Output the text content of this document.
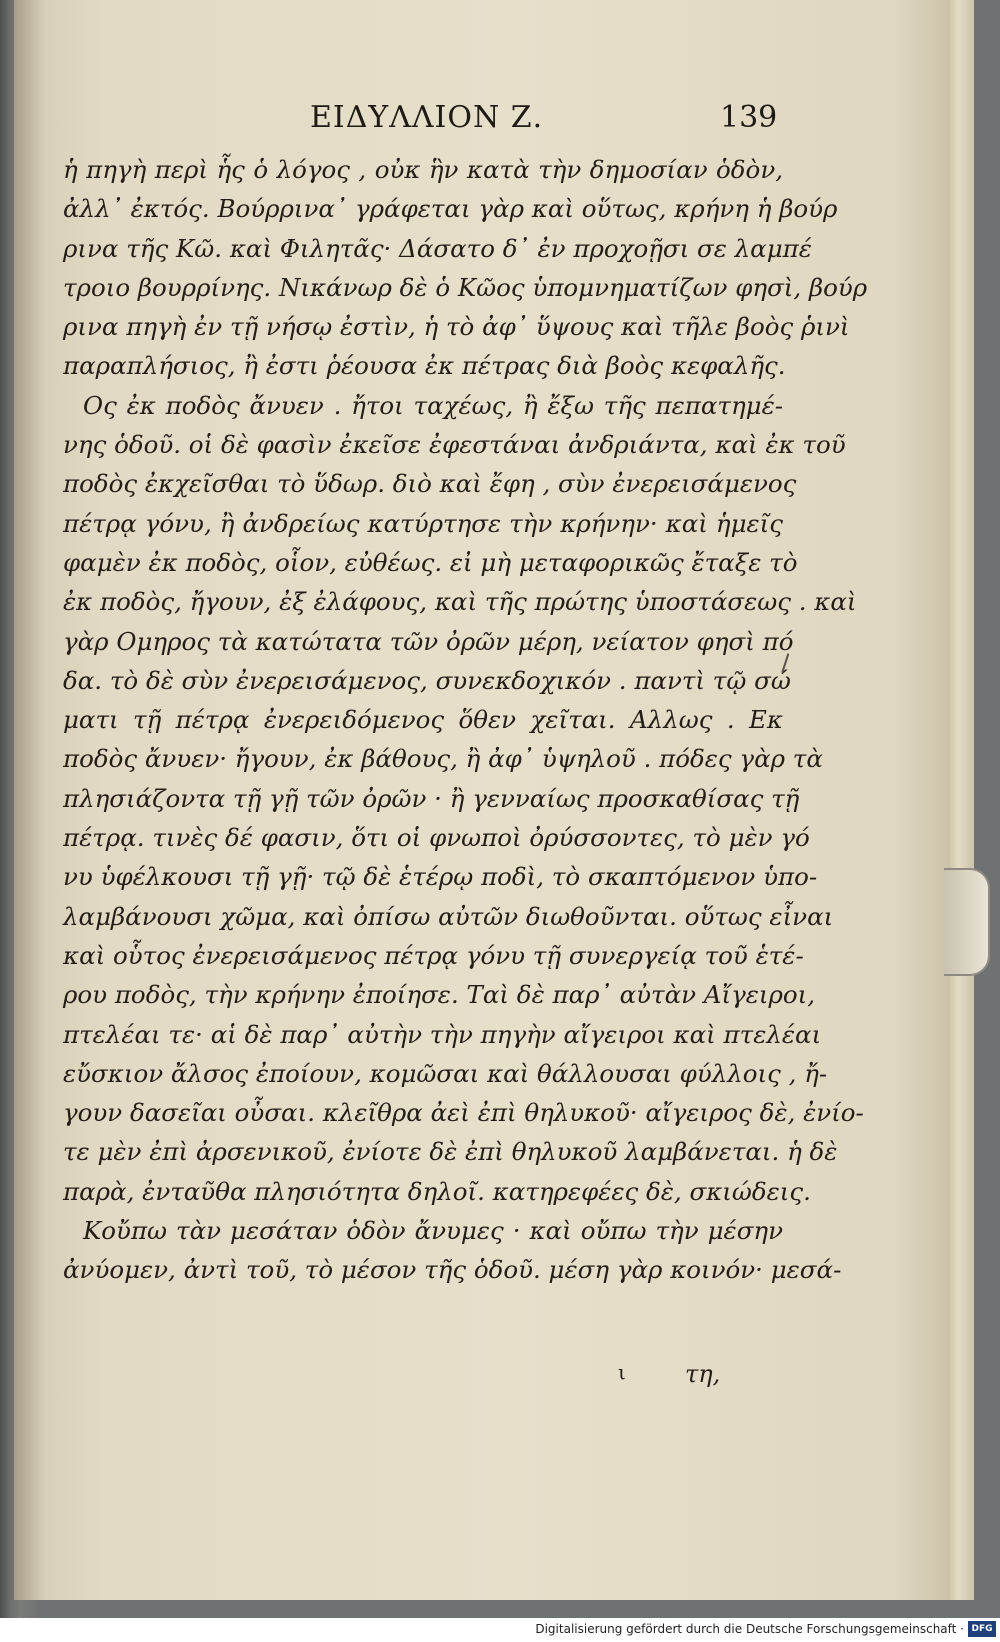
ΕΙΔΥΛΛΙΟΝ Ζ.	139
ἡ πηγὴ περὶ ἧς ὁ λόγος , οὐκ ἣν κατὰ τὴν δημοσίαν ὁδὸν,
ἀλλ᾽ ἐκτός. Βούρρινα᾽ γράφεται γὰρ καὶ οὕτως, κρήνη ἡ βούρ
ρινα τῆς Κῶ. καὶ Φιλητᾶς· Δάσατο δ᾽ ἐν προχοῇσι σε λαμπέ
τροιο βουρρίνης. Νικάνωρ δὲ ὁ Κῶος ὑπομνηματίζων φησὶ, βούρ
ρινα πηγὴ ἐν τῇ νήσῳ ἐστὶν, ἡ τὸ ἀφ᾽ ὕψους καὶ τῆλε βοὸς ῥινὶ
παραπλήσιος, ἢ ἐστι ῥέουσα ἐκ πέτρας διὰ βοὸς κεφαλῆς.
Ος ἐκ ποδὸς ἄνυεν . ἤτοι ταχέως, ἢ ἔξω τῆς πεπατημέ-
νης ὁδοῦ. οἱ δὲ φασὶν ἐκεῖσε ἐφεστάναι ἀνδριάντα, καὶ ἐκ τοῦ
ποδὸς ἐκχεῖσθαι τὸ ὕδωρ. διὸ καὶ ἔφη , σὺν ἐνερεισάμενος
πέτρᾳ γόνυ, ἢ ἀνδρείως κατύρτησε τὴν κρήνην· καὶ ἡμεῖς
φαμὲν ἐκ ποδὸς, οἷον, εὐθέως. εἰ μὴ μεταφορικῶς ἔταξε τὸ
ἐκ ποδὸς, ἤγουν, ἐξ ἐλάφους, καὶ τῆς πρώτης ὑποστάσεως . καὶ
γὰρ Ομηρος τὰ κατώτατα τῶν ὀρῶν μέρη, νείατον φησὶ πό
δα. τὸ δὲ σὺν ἐνερεισάμενος, συνεκδοχικόν . παντὶ τῷ σώ
ματι τῇ πέτρᾳ ἐνερειδόμενος ὅθεν χεῖται. Αλλως . Εκ
ποδὸς ἄνυεν· ἤγουν, ἐκ βάθους, ἢ ἀφ᾽ ὑψηλοῦ . πόδες γὰρ τὰ
πλησιάζοντα τῇ γῇ τῶν ὀρῶν · ἢ γενναίως προσκαθίσας τῇ
πέτρᾳ. τινὲς δέ φασιν, ὅτι οἱ φνωποὶ ὀρύσσοντες, τὸ μὲν γό
νυ ὑφέλκουσι τῇ γῇ· τῷ δὲ ἑτέρῳ ποδὶ, τὸ σκαπτόμενον ὑπο-
λαμβάνουσι χῶμα, καὶ ὀπίσω αὐτῶν διωθοῦνται. οὕτως εἶναι
καὶ οὗτος ἐνερεισάμενος πέτρᾳ γόνυ τῇ συνεργείᾳ τοῦ ἑτέ-
ρου ποδὸς, τὴν κρήνην ἐποίησε. Ταὶ δὲ παρ᾽ αὐτὰν Αἴγειροι,
πτελέαι τε· αἱ δὲ παρ᾽ αὐτὴν τὴν πηγὴν αἴγειροι καὶ πτελέαι
εὔσκιον ἄλσος ἐποίουν, κομῶσαι καὶ θάλλουσαι φύλλοις , ἤ-
γουν δασεῖαι οὖσαι. κλεῖθρα ἀεὶ ἐπὶ θηλυκοῦ· αἴγειρος δὲ, ἐνίο-
τε μὲν ἐπὶ ἀρσενικοῦ, ἐνίοτε δὲ ἐπὶ θηλυκοῦ λαμβάνεται. ἡ δὲ
παρὰ, ἐνταῦθα πλησιότητα δηλοῖ. κατηρεφέες δὲ, σκιώδεις.
Κοὔπω τὰν μεσάταν ὁδὸν ἄνυμες · καὶ οὔπω τὴν μέσην
ἀνύομεν, ἀντὶ τοῦ, τὸ μέσον τῆς ὁδοῦ. μέση γὰρ κοινόν· μεσά-
ι τη,
Digitalisierung gefördert durch die Deutsche Forschungsgemeinschaft · DFG
